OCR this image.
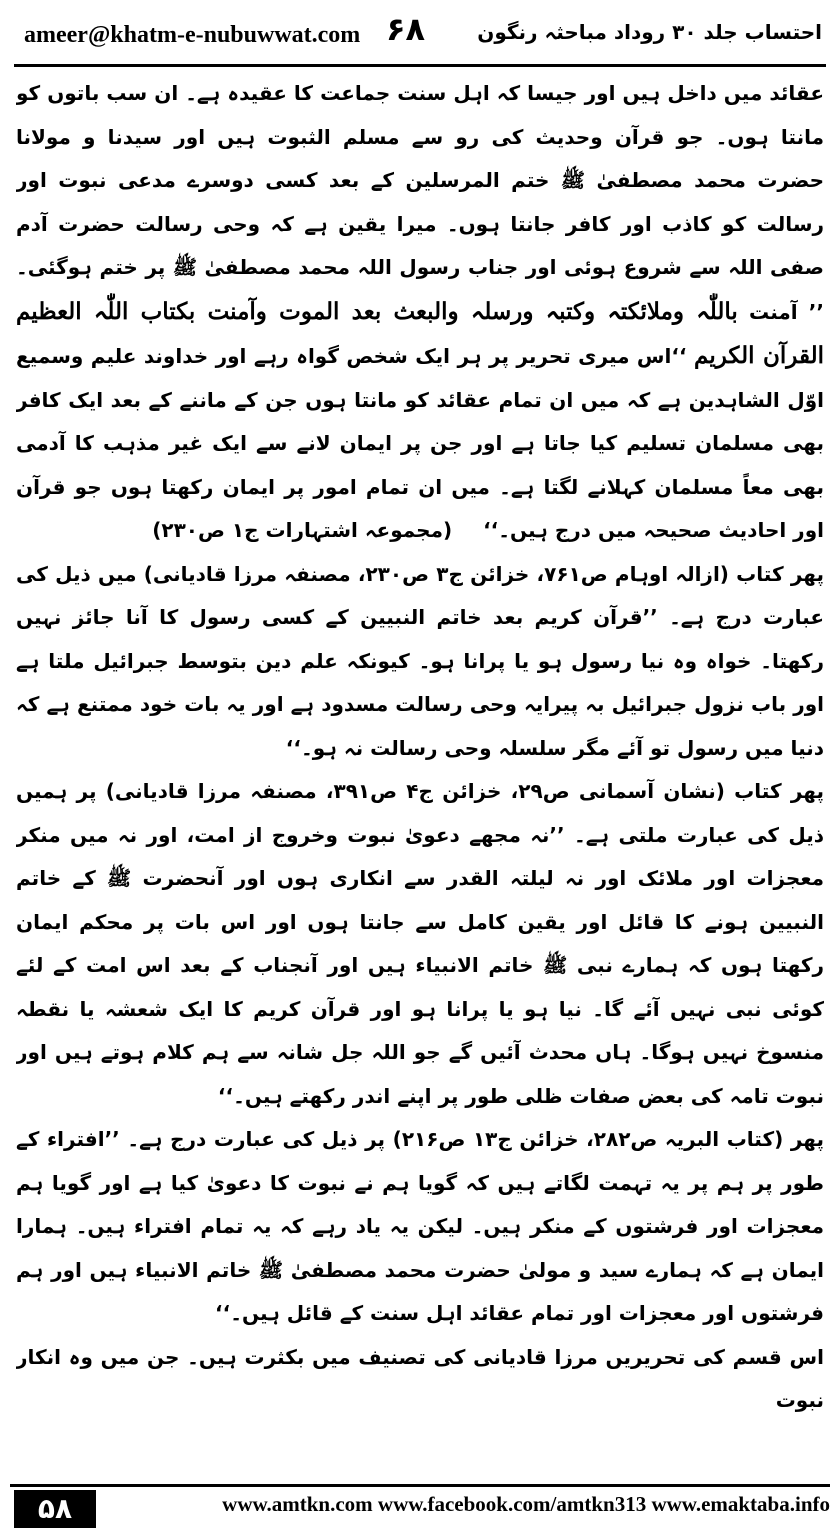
ameer@khatm-e-nubuwwat.com ۶۸	احتساب جلد ۳۰ روداد مباحثہ رنگون

عقائد میں داخل ہیں اور جیسا کہ اہل سنت جماعت کا عقیدہ ہے۔ ان سب باتوں کو مانتا ہوں۔ جو قرآن وحدیث کی رو سے مسلم الثبوت ہیں اور سیدنا و مولانا حضرت محمد مصطفیٰ ﷺ ختم المرسلین کے بعد کسی دوسرے مدعی نبوت اور رسالت کو کاذب اور کافر جانتا ہوں۔ میرا یقین ہے کہ وحی رسالت حضرت آدم صفی اللہ سے شروع ہوئی اور جناب رسول اللہ محمد مصطفیٰ ﷺ پر ختم ہوگئی۔ ’’ آمنت باللّٰہ وملائکتہ وکتبہ ورسلہ والبعث بعد الموت وآمنت بکتاب اللّٰہ العظیم القرآن الکریم ‘‘اس میری تحریر پر ہر ایک شخص گواہ رہے اور خداوند علیم وسمیع اوّل الشاہدین ہے کہ میں ان تمام عقائد کو مانتا ہوں جن کے ماننے کے بعد ایک کافر بھی مسلمان تسلیم کیا جاتا ہے اور جن پر ایمان لانے سے ایک غیر مذہب کا آدمی بھی معاً مسلمان کہلانے لگتا ہے۔ میں ان تمام امور پر ایمان رکھتا ہوں جو قرآن اور احادیث صحیحہ میں درج ہیں۔‘‘ (مجموعہ اشتہارات ج۱ ص۲۳۰)

پھر کتاب (ازالہ اوہام ص۷۶۱، خزائن ج۳ ص۲۳۰، مصنفہ مرزا قادیانی) میں ذیل کی عبارت درج ہے۔ ’’قرآن کریم بعد خاتم النبیین کے کسی رسول کا آنا جائز نہیں رکھتا۔ خواہ وہ نیا رسول ہو یا پرانا ہو۔ کیونکہ علم دین بتوسط جبرائیل ملتا ہے اور باب نزول جبرائیل بہ پیرایہ وحی رسالت مسدود ہے اور یہ بات خود ممتنع ہے کہ دنیا میں رسول تو آئے مگر سلسلہ وحی رسالت نہ ہو۔‘‘

پھر کتاب (نشان آسمانی ص۲۹، خزائن ج۴ ص۳۹۱، مصنفہ مرزا قادیانی) پر ہمیں ذیل کی عبارت ملتی ہے۔ ’’نہ مجھے دعویٰ نبوت وخروج از امت، اور نہ میں منکر معجزات اور ملائک اور نہ لیلتہ القدر سے انکاری ہوں اور آنحضرت ﷺ کے خاتم النبیین ہونے کا قائل اور یقین کامل سے جانتا ہوں اور اس بات پر محکم ایمان رکھتا ہوں کہ ہمارے نبی ﷺ خاتم الانبیاء ہیں اور آنجناب کے بعد اس امت کے لئے کوئی نبی نہیں آئے گا۔ نیا ہو یا پرانا ہو اور قرآن کریم کا ایک شعشہ یا نقطہ منسوخ نہیں ہوگا۔ ہاں محدث آئیں گے جو اللہ جل شانہ سے ہم کلام ہوتے ہیں اور نبوت تامہ کی بعض صفات ظلی طور پر اپنے اندر رکھتے ہیں۔‘‘

پھر (کتاب البریہ ص۲۸۲، خزائن ج۱۳ ص۲۱۶) پر ذیل کی عبارت درج ہے۔ ’’افتراء کے طور پر ہم پر یہ تہمت لگاتے ہیں کہ گویا ہم نے نبوت کا دعویٰ کیا ہے اور گویا ہم معجزات اور فرشتوں کے منکر ہیں۔ لیکن یہ یاد رہے کہ یہ تمام افتراء ہیں۔ ہمارا ایمان ہے کہ ہمارے سید و مولیٰ حضرت محمد مصطفیٰ ﷺ خاتم الانبیاء ہیں اور ہم فرشتوں اور معجزات اور تمام عقائد اہل سنت کے قائل ہیں۔‘‘

اس قسم کی تحریریں مرزا قادیانی کی تصنیف میں بکثرت ہیں۔ جن میں وہ انکار نبوت

۵۸	www.amtkn.com www.facebook.com/amtkn313 www.emaktaba.info
